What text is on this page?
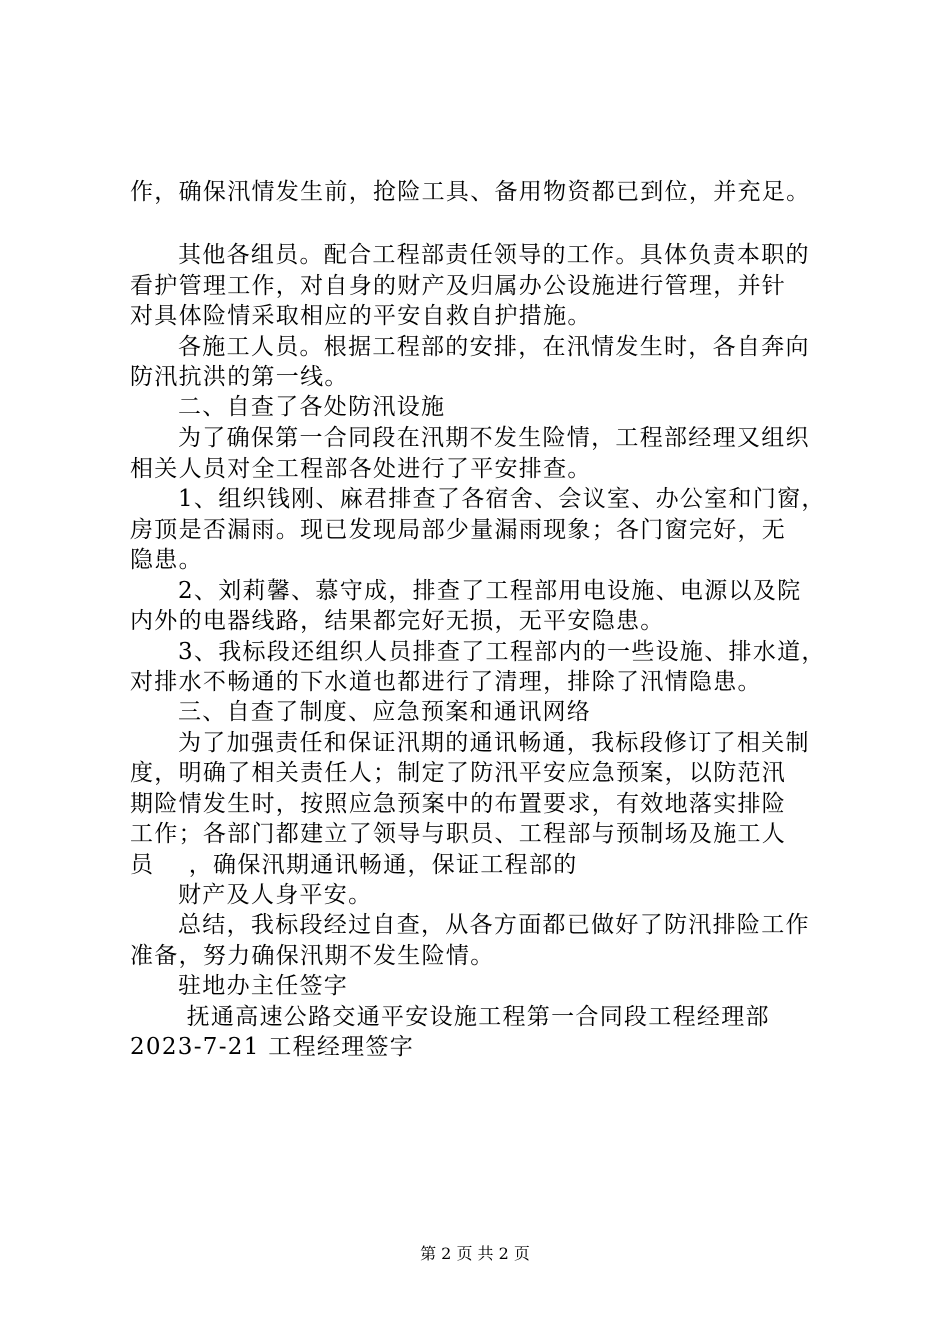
作，确保汛情发生前，抢险工具、备用物资都已到位，并充足。
其他各组员。配合工程部责任领导的工作。具体负责本职的
看护管理工作，对自身的财产及归属办公设施进行管理，并针
对具体险情采取相应的平安自救自护措施。
各施工人员。根据工程部的安排，在汛情发生时，各自奔向
防汛抗洪的第一线。
二、自查了各处防汛设施
为了确保第一合同段在汛期不发生险情，工程部经理又组织
相关人员对全工程部各处进行了平安排查。
1、组织钱刚、麻君排查了各宿舍、会议室、办公室和门窗，
房顶是否漏雨。现已发现局部少量漏雨现象；各门窗完好，无
隐患。
2、刘莉馨、慕守成，排查了工程部用电设施、电源以及院
内外的电器线路，结果都完好无损，无平安隐患。
3、我标段还组织人员排查了工程部内的一些设施、排水道，
对排水不畅通的下水道也都进行了清理，排除了汛情隐患。
三、自查了制度、应急预案和通讯网络
为了加强责任和保证汛期的通讯畅通，我标段修订了相关制
度，明确了相关责任人；制定了防汛平安应急预案，以防范汛
期险情发生时，按照应急预案中的布置要求，有效地落实排险
工作；各部门都建立了领导与职员、工程部与预制场及施工人
员    ，确保汛期通讯畅通，保证工程部的
财产及人身平安。
总结，我标段经过自查，从各方面都已做好了防汛排险工作
准备，努力确保汛期不发生险情。
驻地办主任签字
抚通高速公路交通平安设施工程第一合同段工程经理部
2023-7-21 工程经理签字
第 2 页 共 2 页
